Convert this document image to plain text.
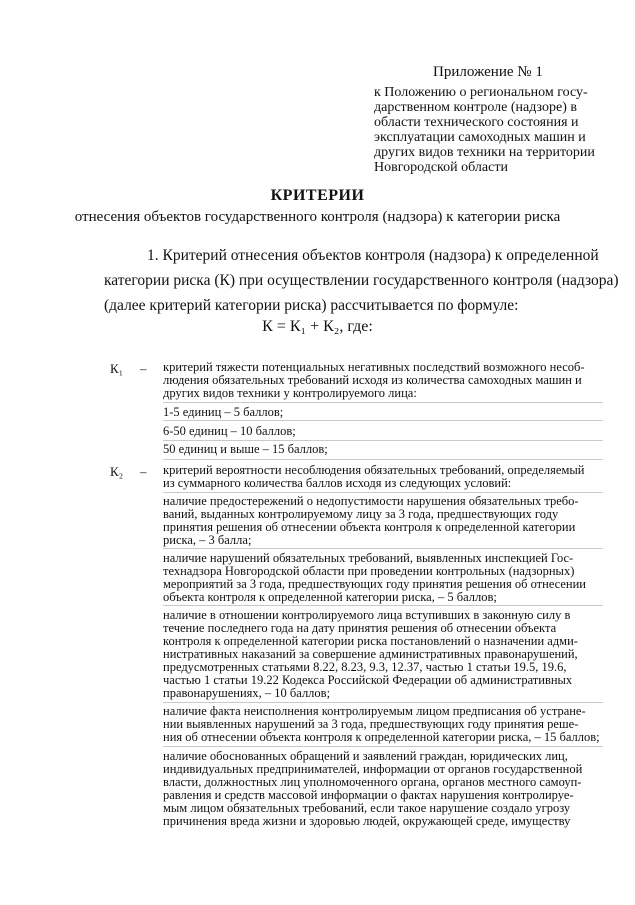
Приложение № 1
к Положению о региональном госу-
дарственном контроле (надзоре) в
области технического состояния и
эксплуатации самоходных машин и
других видов техники на территории
Новгородской области
КРИТЕРИИ
отнесения объектов государственного контроля (надзора) к категории риска
1. Критерий отнесения объектов контроля (надзора) к определенной
категории риска (К) при осуществлении государственного контроля (надзора)
(далее критерий категории риска) рассчитывается по формуле:
К = К₁ + К₂, где:
К₁ – критерий тяжести потенциальных негативных последствий возможного несоб-
людения обязательных требований исходя из количества самоходных машин и
других видов техники у контролируемого лица:
1-5 единиц – 5 баллов;
6-50 единиц – 10 баллов;
50 единиц и выше – 15 баллов;
К₂ – критерий вероятности несоблюдения обязательных требований, определяемый
из суммарного количества баллов исходя из следующих условий:
наличие предостережений о недопустимости нарушения обязательных требо-
ваний, выданных контролируемому лицу за 3 года, предшествующих году
принятия решения об отнесении объекта контроля к определенной категории
риска, – 3 балла;
наличие нарушений обязательных требований, выявленных инспекцией Гос-
технадзора Новгородской области при проведении контрольных (надзорных)
мероприятий за 3 года, предшествующих году принятия решения об отнесении
объекта контроля к определенной категории риска, – 5 баллов;
наличие в отношении контролируемого лица вступивших в законную силу в
течение последнего года на дату принятия решения об отнесении объекта
контроля к определенной категории риска постановлений о назначении адми-
нистративных наказаний за совершение административных правонарушений,
предусмотренных статьями 8.22, 8.23, 9.3, 12.37, частью 1 статьи 19.5, 19.6,
частью 1 статьи 19.22 Кодекса Российской Федерации об административных
правонарушениях, – 10 баллов;
наличие факта неисполнения контролируемым лицом предписания об устране-
нии выявленных нарушений за 3 года, предшествующих году принятия реше-
ния об отнесении объекта контроля к определенной категории риска, – 15 баллов;
наличие обоснованных обращений и заявлений граждан, юридических лиц,
индивидуальных предпринимателей, информации от органов государственной
власти, должностных лиц уполномоченного органа, органов местного самоуп-
равления и средств массовой информации о фактах нарушения контролируе-
мым лицом обязательных требований, если такое нарушение создало угрозу
причинения вреда жизни и здоровью людей, окружающей среде, имуществу
